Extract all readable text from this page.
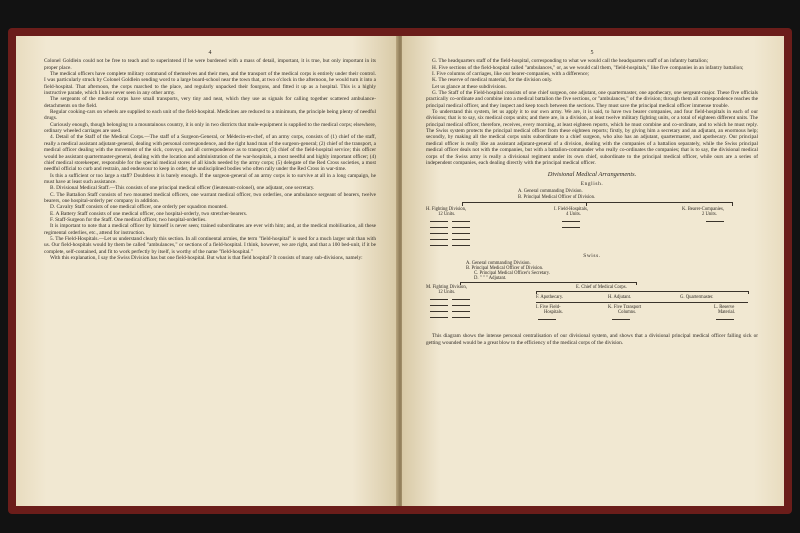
4

Colonel Goldlein could not be free to teach and to superintend if he were burdened with a mass of detail, important, it is true, but only important in its proper place.

The medical officers have complete military command of themselves and their men, and the transport of the medical corps is entirely under their control. I was particularly struck by Colonel Goldlein sending word to a large board-school near the town that, at two o'clock in the afternoon, he would turn it into a field-hospital. That afternoon, the corps marched to the place, and regularly unpacked their fourgons, and fitted it up as a hospital. This is a highly instructive parade, which I have never seen in any other army.

The sergeants of the medical corps have small transports, very tiny and neat, which they use as signals for calling together scattered ambulance-detachments on the field.

Regular cooking-cars on wheels are supplied to each unit of the field-hospital. Medicines are reduced to a minimum, the principle being plenty of needful drugs.

Curiously enough, though belonging to a mountainous country, it is only in two districts that mule-equipment is supplied to the medical corps; elsewhere, ordinary wheeled carriages are used.

4. Detail of the Staff of the Medical Corps.—The staff of a Surgeon-General, or Médecin-en-chef, of an army corps, consists of (1) chief of the staff, really a medical assistant adjutant-general, dealing with personal correspondence, and the right hand man of the surgeon-general; (2) chief of the transport, a medical officer dealing with the movement of the sick, convoys, and all correspondence as to transport; (3) chief of the field-hospital service; this officer would be assistant quartermaster-general, dealing with the location and administration of the war-hospitals, a most needful and highly important officer; (4) chief medical storekeeper, responsible for the special medical stores of all kinds needed by the army corps; (5) delegate of the Red Cross societies, a most needful official to curb and restrain, and endeavour to keep in order, the undisciplined bodies who often rally under the Red Cross in war-time.

Is this a sufficient or too large a staff? Doubtless it is barely enough. If the surgeon-general of an army corps is to survive at all in a long campaign, he must have at least such assistance.

B. Divisional Medical Staff.—This consists of one principal medical officer (lieutenant-colonel), one adjutant, one secretary.

C. The Battalion Staff consists of two mounted medical officers, one warrant medical officer, two orderlies, one ambulance sergeant of bearers, twelve bearers, one hospital-orderly per company in addition.

D. Cavalry Staff consists of one medical officer, one orderly per squadron mounted.

E. A Battery Staff consists of one medical officer, one hospital-orderly, two stretcher-bearers.

F. Staff-Surgeon for the Staff. One medical officer, two hospital-orderlies.

It is important to note that a medical officer by himself is never seen; trained subordinates are ever with him; and, at the medical mobilisation, all these regimental orderlies, etc., attend for instruction.

5. The Field-Hospitals.—Let us understand clearly this section. In all continental armies, the term "field-hospital" is used for a much larger unit than with us. Our field-hospitals would by them be called "ambulances," or sections of a field-hospital. I think, however, we are right, and that a 100 bed-unit, if it be complete, self-contained, and fit to work perfectly by itself, is worthy of the name "field-hospital."

With this explanation, I say the Swiss Division has but one field-hospital. But what is that field hospital? It consists of many sub-divisions, namely:

5

G. The headquarters staff of the field-hospital, corresponding to what we would call the headquarters staff of an infantry battalion;

H. Five sections of the field-hospital called "ambulances," or, as we would call them, "field-hospitals," like five companies in an infantry battalion;

I. Five columns of carriages, like our bearer-companies, with a difference;

K. The reserve of medical material, for the division only.

Let us glance at these subdivisions.

G. The Staff of the Field-hospital consists of one chief surgeon, one adjutant, one quartermaster, one apothecary, one sergeant-major. These five officials practically co-ordinate and combine into a medical battalion the five sections, or "ambulances," of the division; through them all correspondence reaches the principal medical officer, and they inspect and keep touch between the sections. They must save the principal medical officer immense trouble.

To understand this system, let us apply it to our own army. We are, it is said, to have two bearer companies, and four field-hospitals in each of our divisions; that is to say, six medical corps units; and there are, in a division, at least twelve military fighting units, or a total of eighteen different units. The principal medical officer, therefore, receives, every morning, at least eighteen reports, which he must combine and co-ordinate, and to which he must reply. The Swiss system protects the principal medical officer from these eighteen reports; firstly, by giving him a secretary and an adjutant, an enormous help; secondly, by making all the medical corps units subordinate to a chief surgeon, who also has an adjutant, quartermaster, and apothecary. Our principal medical officer is really like an assistant adjutant-general of a division, dealing with the companies of a battalion separately, while the Swiss principal medical officer deals not with the companies, but with a battalion-commander who really co-ordinates the companies; that is to say, the divisional medical corps of the Swiss army is really a divisional regiment under its own chief, subordinate to the principal medical officer, while ours are a series of independent companies, each dealing directly with the principal medical officer.

Divisional Medical Arrangements.
English.
A. General commanding Division.
B. Principal Medical Officer of Division.
H. Fighting Division,
12 Units.
I. Field-Hospitals,
4 Units.
K. Bearer-Companies,
2 Units.
Swiss.
A. General commanding Division.
B. Principal Medical Officer of Division.
C. Principal Medical Officer's Secretary.
D. " " " Adjutant.
M. Fighting Division,
12 Units.
E. Chief of Medical Corps.
F. Apothecary.	H. Adjutant.	G. Quartermaster.
I. Five Field-
Hospitals.
K. Five Transport
Columns.
L. Reserve
Material.

This diagram shows the intense personal centralisation of our divisional system, and shows that a divisional principal medical officer falling sick or getting wounded would be a great blow to the efficiency of the medical corps of the division.
